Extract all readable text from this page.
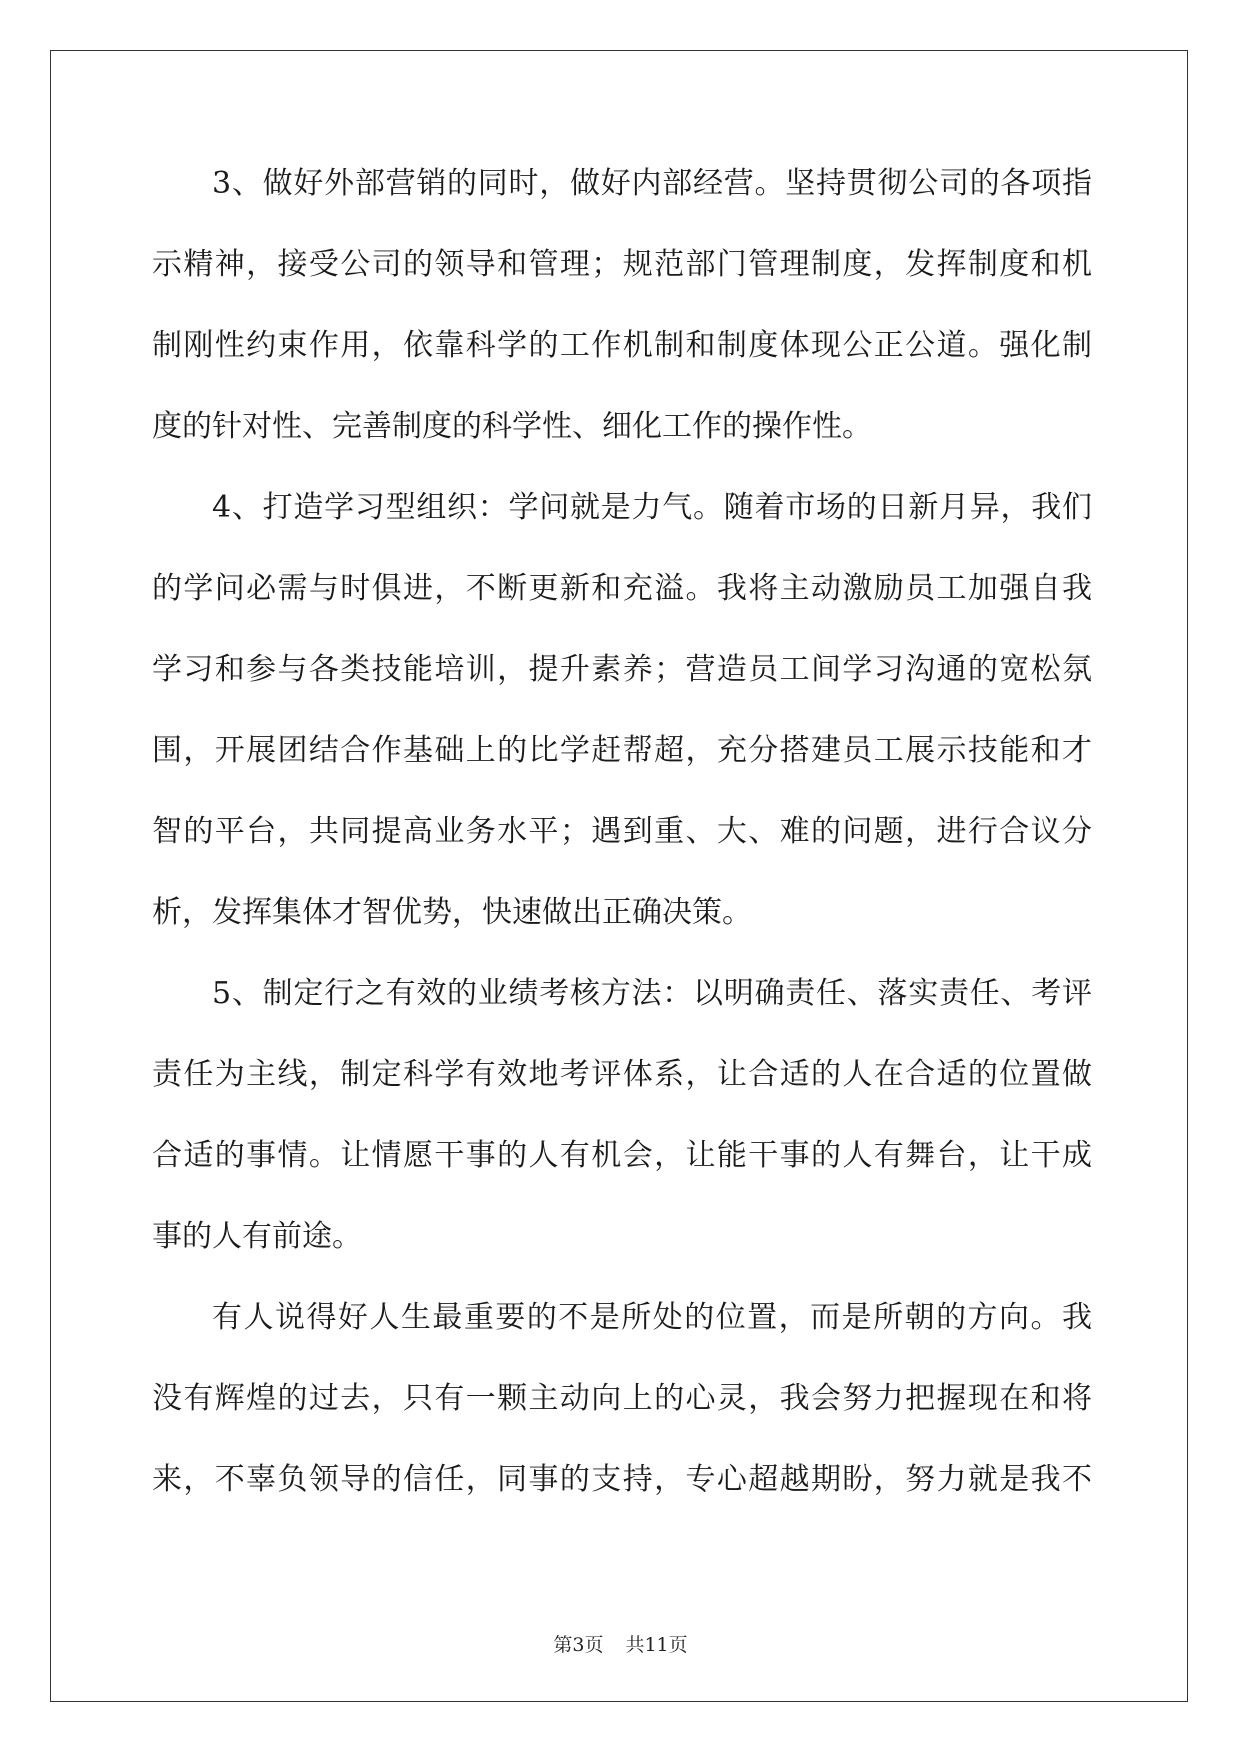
3、做好外部营销的同时，做好内部经营。坚持贯彻公司的各项指
示精神，接受公司的领导和管理；规范部门管理制度，发挥制度和机
制刚性约束作用，依靠科学的工作机制和制度体现公正公道。强化制
度的针对性、完善制度的科学性、细化工作的操作性。
4、打造学习型组织：学问就是力气。随着市场的日新月异，我们
的学问必需与时俱进，不断更新和充溢。我将主动激励员工加强自我
学习和参与各类技能培训，提升素养；营造员工间学习沟通的宽松氛
围，开展团结合作基础上的比学赶帮超，充分搭建员工展示技能和才
智的平台，共同提高业务水平；遇到重、大、难的问题，进行合议分
析，发挥集体才智优势，快速做出正确决策。
5、制定行之有效的业绩考核方法：以明确责任、落实责任、考评
责任为主线，制定科学有效地考评体系，让合适的人在合适的位置做
合适的事情。让情愿干事的人有机会，让能干事的人有舞台，让干成
事的人有前途。
有人说得好人生最重要的不是所处的位置，而是所朝的方向。我
没有辉煌的过去，只有一颗主动向上的心灵，我会努力把握现在和将
来，不辜负领导的信任，同事的支持，专心超越期盼，努力就是我不
第3页 共11页
